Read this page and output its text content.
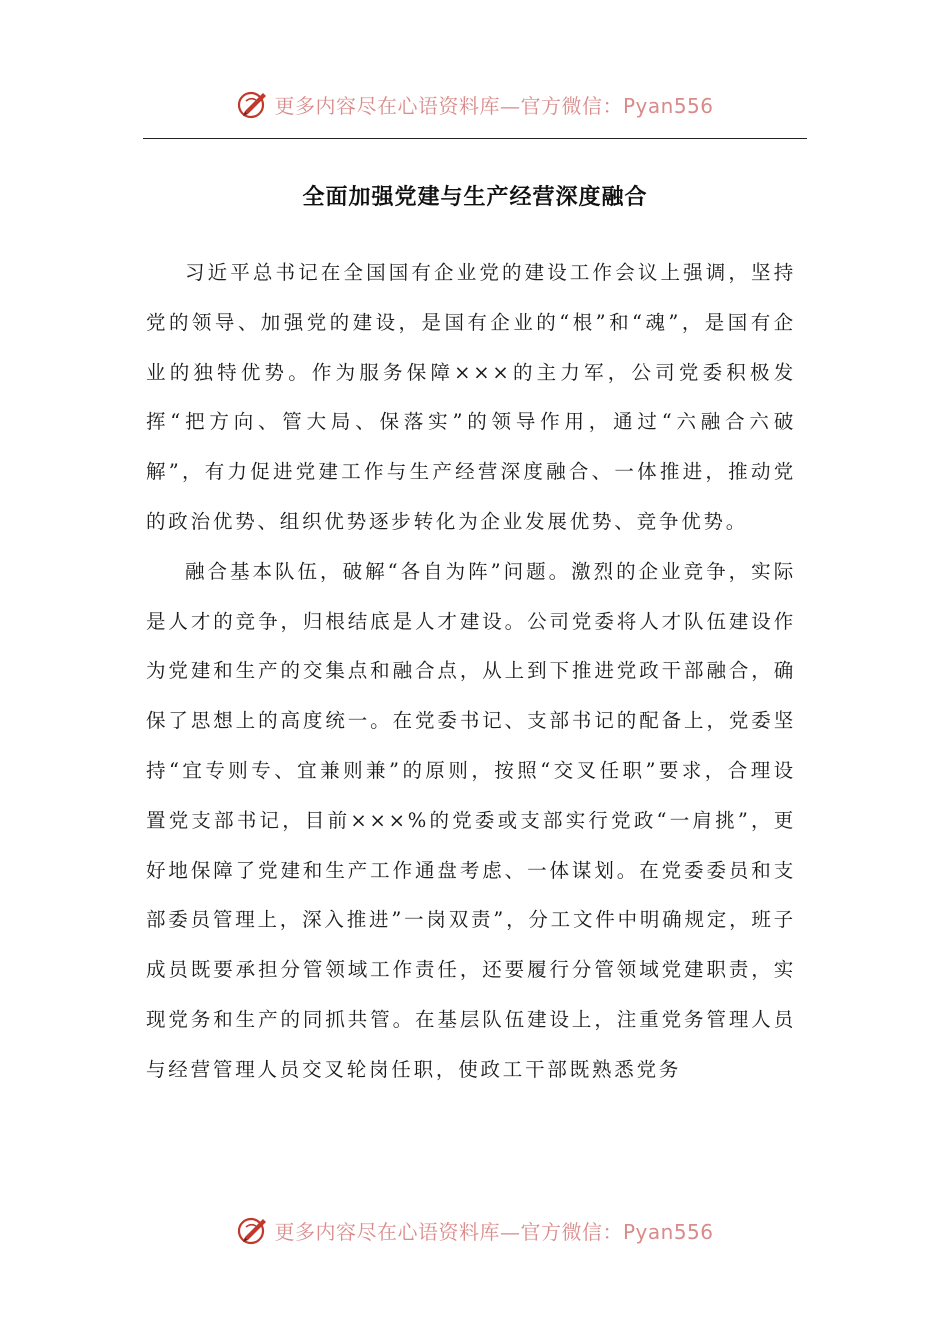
更多内容尽在心语资料库—官方微信：Pyan556
全面加强党建与生产经营深度融合

习近平总书记在全国国有企业党的建设工作会议上强调，坚持党的领导、加强党的建设，是国有企业的“根”和“魂”，是国有企业的独特优势。作为服务保障×××的主力军，公司党委积极发挥“把方向、管大局、保落实”的领导作用，通过“六融合六破解”，有力促进党建工作与生产经营深度融合、一体推进，推动党的政治优势、组织优势逐步转化为企业发展优势、竞争优势。

融合基本队伍，破解“各自为阵”问题。激烈的企业竞争，实际是人才的竞争，归根结底是人才建设。公司党委将人才队伍建设作为党建和生产的交集点和融合点，从上到下推进党政干部融合，确保了思想上的高度统一。在党委书记、支部书记的配备上，党委坚持“宜专则专、宜兼则兼”的原则，按照“交叉任职”要求，合理设置党支部书记，目前×××%的党委或支部实行党政“一肩挑”，更好地保障了党建和生产工作通盘考虑、一体谋划。在党委委员和支部委员管理上，深入推进”一岗双责”，分工文件中明确规定，班子成员既要承担分管领域工作责任，还要履行分管领域党建职责，实现党务和生产的同抓共管。在基层队伍建设上，注重党务管理人员与经营管理人员交叉轮岗任职，使政工干部既熟悉党务

更多内容尽在心语资料库—官方微信：Pyan556
